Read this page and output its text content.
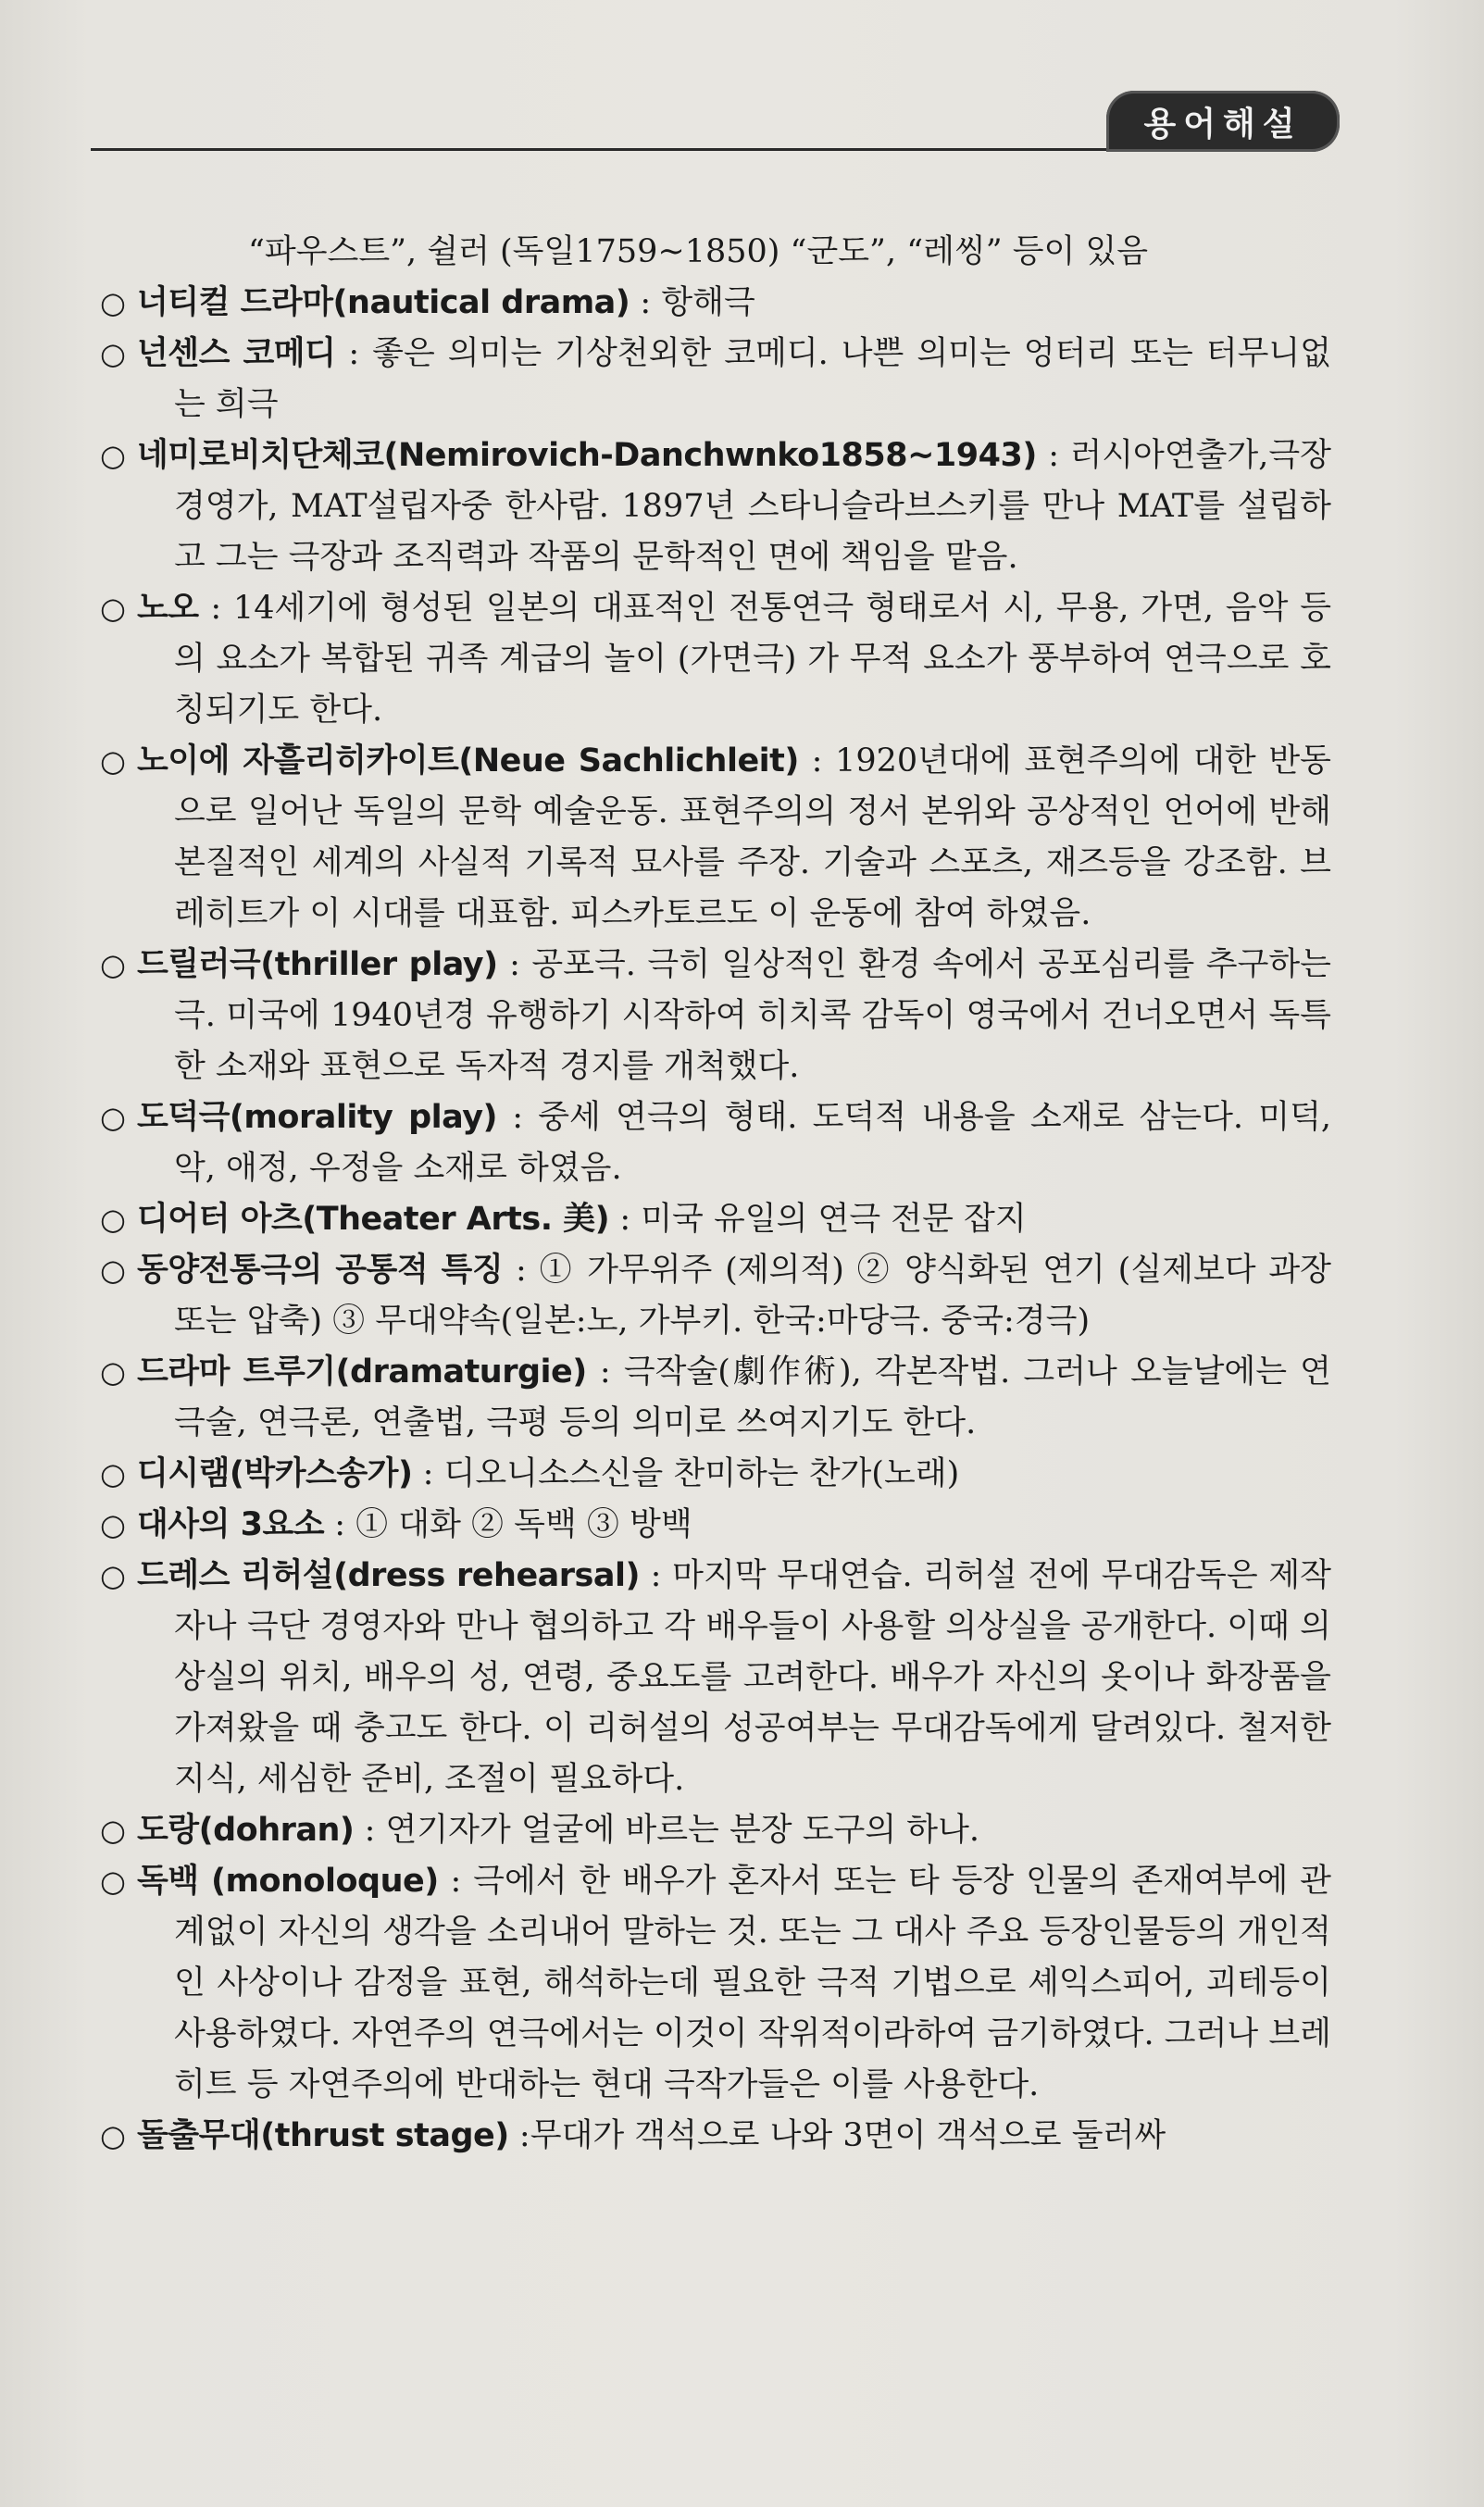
용어해설

“파우스트”, 쉴러 (독일1759~1850) “군도”, “레씽” 등이 있음

○ 너티컬 드라마(nautical drama) : 항해극

○ 넌센스 코메디 : 좋은 의미는 기상천외한 코메디. 나쁜 의미는 엉터리 또는 터무니없는 희극

○ 네미로비치단체코(Nemirovich-Danchwnko1858~1943) : 러시아연출가,극장경영가, MAT설립자중 한사람. 1897년 스타니슬라브스키를 만나 MAT를 설립하고 그는 극장과 조직력과 작품의 문학적인 면에 책임을 맡음.

○ 노오 : 14세기에 형성된 일본의 대표적인 전통연극 형태로서 시, 무용, 가면, 음악 등의 요소가 복합된 귀족 계급의 놀이 (가면극) 가 무적 요소가 풍부하여 연극으로 호칭되기도 한다.

○ 노이에 자흘리히카이트(Neue Sachlichleit) : 1920년대에 표현주의에 대한 반동으로 일어난 독일의 문학 예술운동. 표현주의의 정서 본위와 공상적인 언어에 반해 본질적인 세계의 사실적 기록적 묘사를 주장. 기술과 스포츠, 재즈등을 강조함. 브레히트가 이 시대를 대표함. 피스카토르도 이 운동에 참여 하였음.

○ 드릴러극(thriller play) : 공포극. 극히 일상적인 환경 속에서 공포심리를 추구하는 극. 미국에 1940년경 유행하기 시작하여 히치콕 감독이 영국에서 건너오면서 독특한 소재와 표현으로 독자적 경지를 개척했다.

○ 도덕극(morality play) : 중세 연극의 형태. 도덕적 내용을 소재로 삼는다. 미덕, 악, 애정, 우정을 소재로 하였음.

○ 디어터 아츠(Theater Arts. 美) : 미국 유일의 연극 전문 잡지

○ 동양전통극의 공통적 특징 : ① 가무위주 (제의적) ② 양식화된 연기 (실제보다 과장 또는 압축) ③ 무대약속(일본:노, 가부키. 한국:마당극. 중국:경극)

○ 드라마 트루기(dramaturgie) : 극작술(劇作術), 각본작법. 그러나 오늘날에는 연극술, 연극론, 연출법, 극평 등의 의미로 쓰여지기도 한다.

○ 디시램(박카스송가) : 디오니소스신을 찬미하는 찬가(노래)

○ 대사의 3요소 : ① 대화 ② 독백 ③ 방백

○ 드레스 리허설(dress rehearsal) : 마지막 무대연습. 리허설 전에 무대감독은 제작자나 극단 경영자와 만나 협의하고 각 배우들이 사용할 의상실을 공개한다. 이때 의상실의 위치, 배우의 성, 연령, 중요도를 고려한다. 배우가 자신의 옷이나 화장품을 가져왔을 때 충고도 한다. 이 리허설의 성공여부는 무대감독에게 달려있다. 철저한 지식, 세심한 준비, 조절이 필요하다.

○ 도랑(dohran) : 연기자가 얼굴에 바르는 분장 도구의 하나.

○ 독백 (monoloque) : 극에서 한 배우가 혼자서 또는 타 등장 인물의 존재여부에 관계없이 자신의 생각을 소리내어 말하는 것. 또는 그 대사 주요 등장인물등의 개인적인 사상이나 감정을 표현, 해석하는데 필요한 극적 기법으로 셰익스피어, 괴테등이 사용하였다. 자연주의 연극에서는 이것이 작위적이라하여 금기하였다. 그러나 브레히트 등 자연주의에 반대하는 현대 극작가들은 이를 사용한다.

○ 돌출무대(thrust stage) :무대가 객석으로 나와 3면이 객석으로 둘러싸
